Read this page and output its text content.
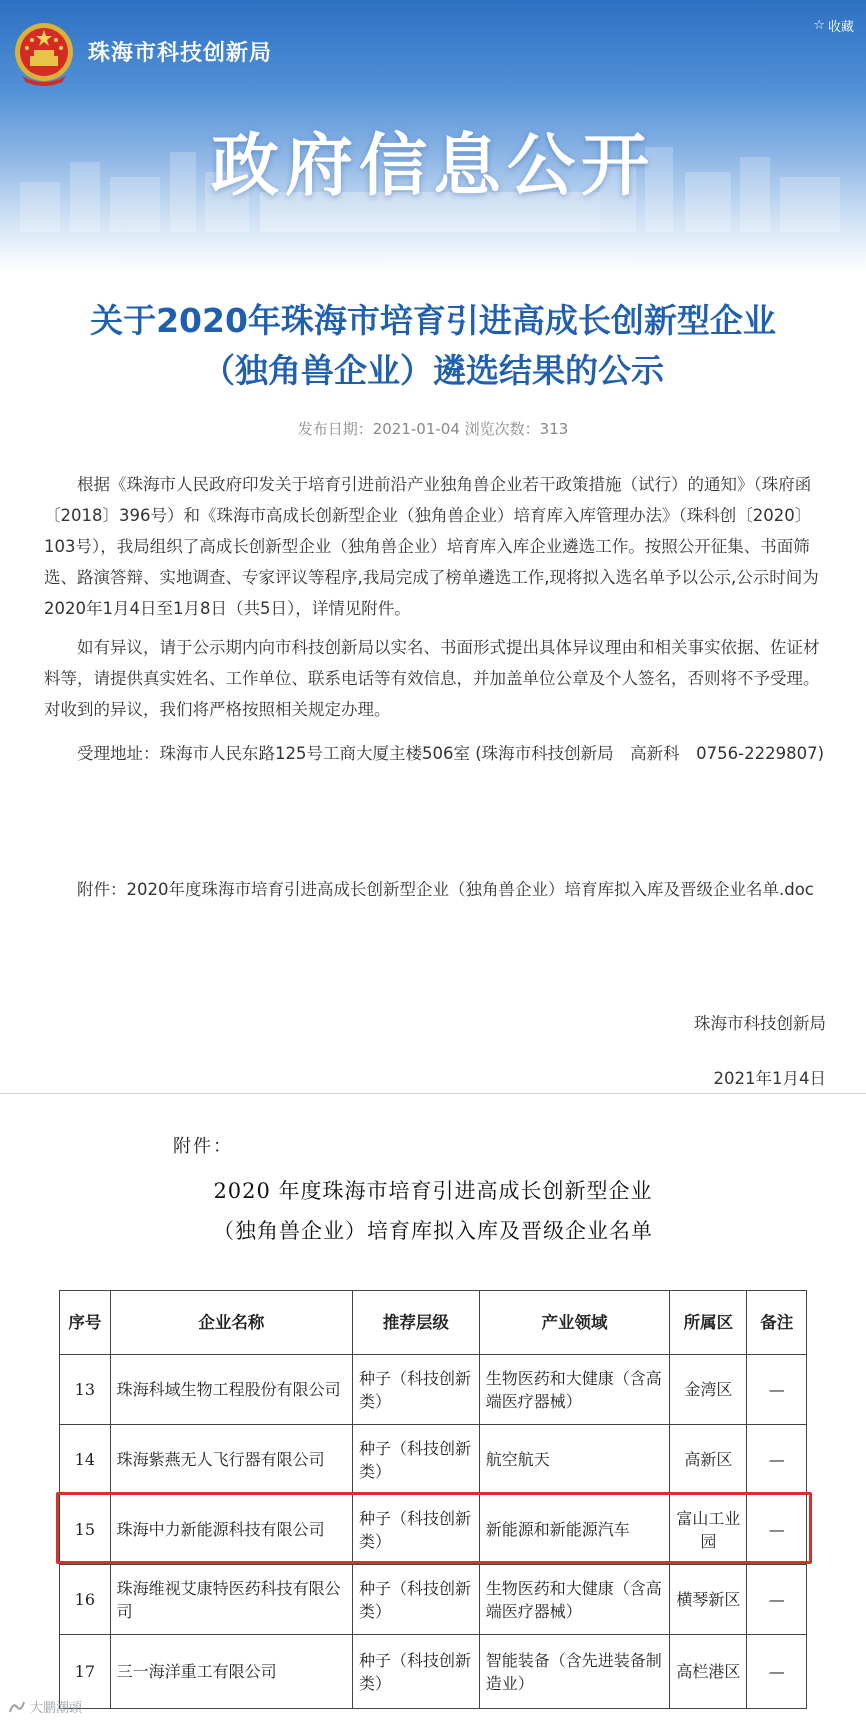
珠海市科技创新局
☆ 收藏
政府信息公开
关于2020年珠海市培育引进高成长创新型企业
（独角兽企业）遴选结果的公示
发布日期：2021-01-04 浏览次数：313

根据《珠海市人民政府印发关于培育引进前沿产业独角兽企业若干政策措施（试行）的通知》（珠府函〔2018〕396号）和《珠海市高成长创新型企业（独角兽企业）培育库入库管理办法》（珠科创〔2020〕103号），我局组织了高成长创新型企业（独角兽企业）培育库入库企业遴选工作。按照公开征集、书面筛选、路演答辩、实地调查、专家评议等程序,我局完成了榜单遴选工作,现将拟入选名单予以公示,公示时间为2020年1月4日至1月8日（共5日），详情见附件。

如有异议，请于公示期内向市科技创新局以实名、书面形式提出具体异议理由和相关事实依据、佐证材料等，请提供真实姓名、工作单位、联系电话等有效信息，并加盖单位公章及个人签名，否则将不予受理。对收到的异议，我们将严格按照相关规定办理。

受理地址：珠海市人民东路125号工商大厦主楼506室 (珠海市科技创新局　高新科　0756-2229807)

附件：2020年度珠海市培育引进高成长创新型企业（独角兽企业）培育库拟入库及晋级企业名单.doc

珠海市科技创新局
2021年1月4日
附件：
2020 年度珠海市培育引进高成长创新型企业
（独角兽企业）培育库拟入库及晋级企业名单
序号	企业名称	推荐层级	产业领域	所属区	备注
13	珠海科域生物工程股份有限公司	种子（科技创新类）	生物医药和大健康（含高端医疗器械）	金湾区	—
14	珠海紫燕无人飞行器有限公司	种子（科技创新类）	航空航天	高新区	—
15	珠海中力新能源科技有限公司	种子（科技创新类）	新能源和新能源汽车	富山工业园	—
16	珠海维视艾康特医药科技有限公司	种子（科技创新类）	生物医药和大健康（含高端医疗器械）	横琴新区	—
17	三一海洋重工有限公司	种子（科技创新类）	智能装备（含先进装备制造业）	高栏港区	—
大鹏潮頭
